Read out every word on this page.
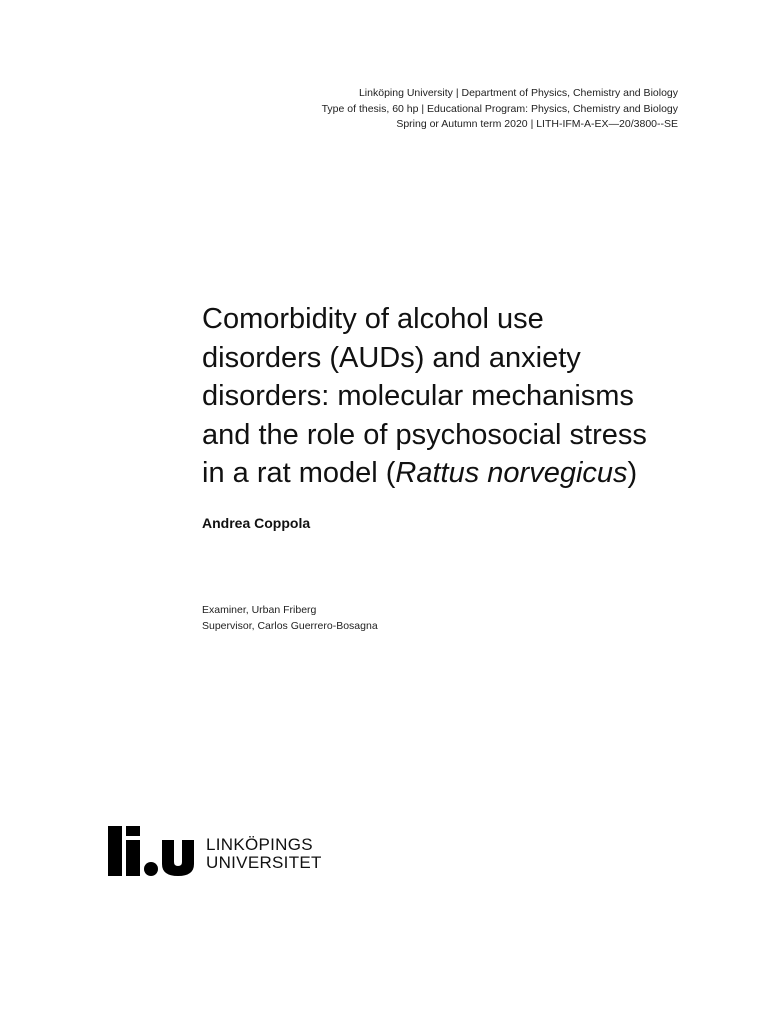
Linköping University | Department of Physics, Chemistry and Biology
Type of thesis, 60 hp | Educational Program: Physics, Chemistry and Biology
Spring or Autumn term 2020 | LITH-IFM-A-EX—20/3800--SE
Comorbidity of alcohol use
disorders (AUDs) and anxiety
disorders: molecular mechanisms
and the role of psychosocial stress
in a rat model (Rattus norvegicus)
Andrea Coppola
Examiner, Urban Friberg
Supervisor, Carlos Guerrero-Bosagna
LINKÖPINGS
UNIVERSITET
